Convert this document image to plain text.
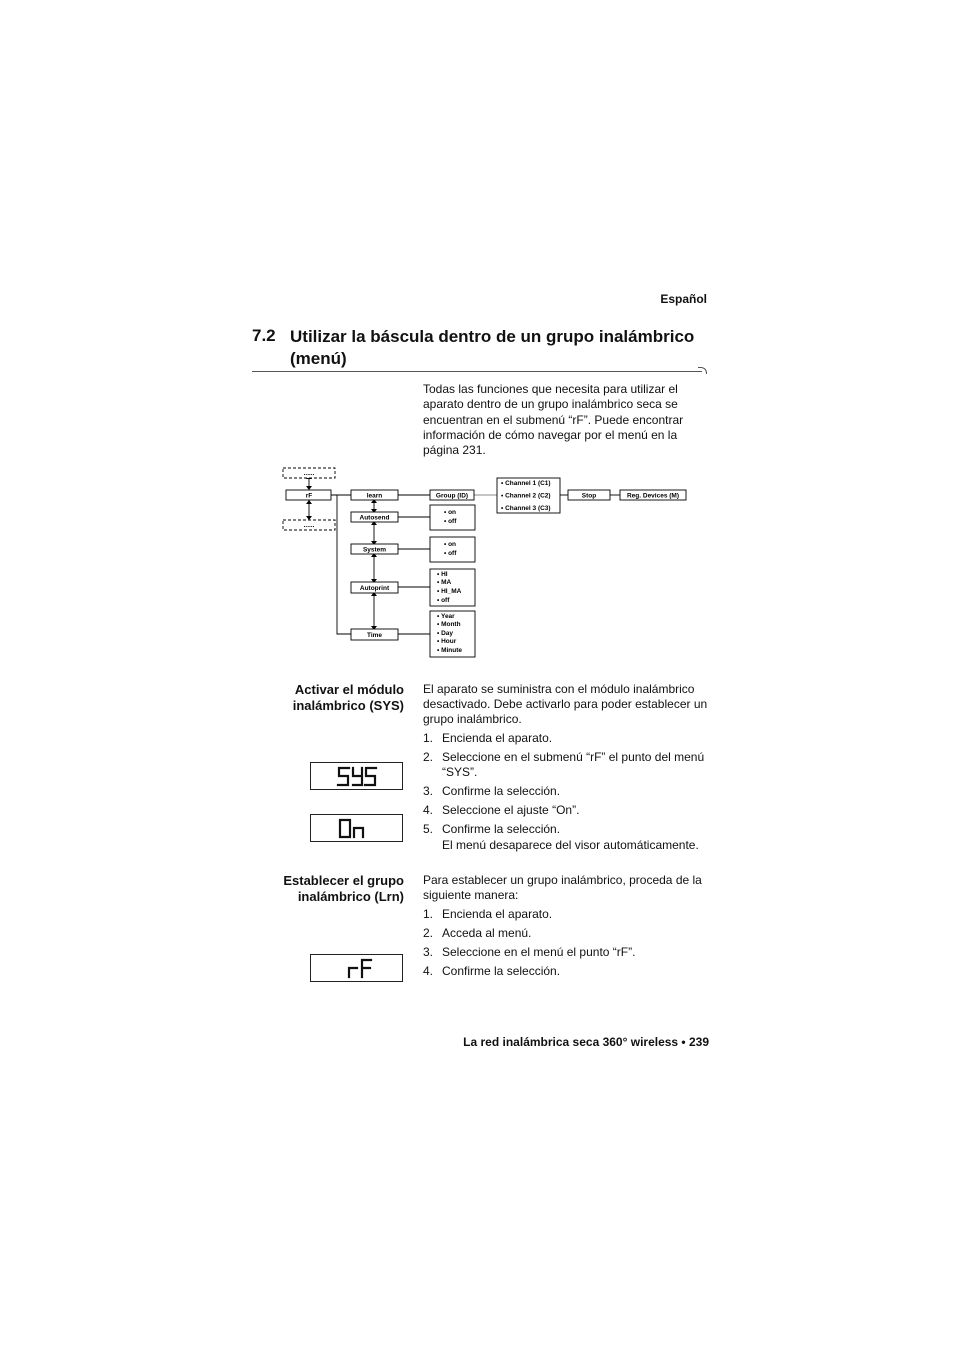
Español
7.2 Utilizar la báscula dentro de un grupo inalámbrico (menú)
Todas las funciones que necesita para utilizar el aparato dentro de un grupo inalámbrico seca se encuentran en el submenú “rF”. Puede encontrar información de cómo navegar por el menú en la página 231.
......
rF
......
learn
Autosend
System
Autoprint
Time
Group (ID)
• on
• off
• on
• off
• HI
• MA
• HI_MA
• off
• Year
• Month
• Day
• Hour
• Minute
• Channel 1 (C1)
• Channel 2 (C2)
• Channel 3 (C3)
Stop	Reg. Devices (M)
Activar el módulo
inalámbrico (SYS)
El aparato se suministra con el módulo inalámbrico desactivado. Debe activarlo para poder establecer un grupo inalámbrico.
1. Encienda el aparato.
2. Seleccione en el submenú “rF” el punto del menú “SYS”.
3. Confirme la selección.
4. Seleccione el ajuste “On”.
5. Confirme la selección.
El menú desaparece del visor automáticamente.
Establecer el grupo
inalámbrico (Lrn)
Para establecer un grupo inalámbrico, proceda de la siguiente manera:
1. Encienda el aparato.
2. Acceda al menú.
3. Seleccione en el menú el punto “rF”.
4. Confirme la selección.
La red inalámbrica seca 360° wireless • 239
